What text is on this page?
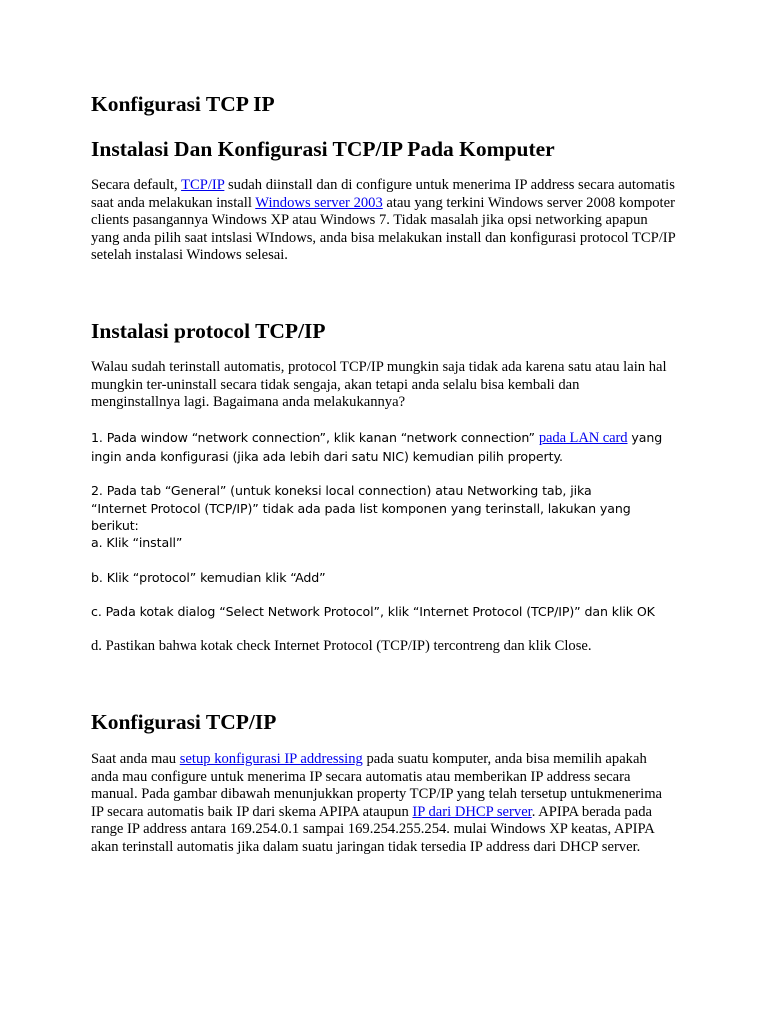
Konfigurasi TCP IP
Instalasi Dan Konfigurasi TCP/IP Pada Komputer

Secara default, TCP/IP sudah diinstall dan di configure untuk menerima IP address secara automatis saat anda melakukan install Windows server 2003 atau yang terkini Windows server 2008 kompoter clients pasangannya Windows XP atau Windows 7. Tidak masalah jika opsi networking apapun yang anda pilih saat intslasi WIndows, anda bisa melakukan install dan konfigurasi protocol TCP/IP setelah instalasi Windows selesai.

Instalasi protocol TCP/IP

Walau sudah terinstall automatis, protocol TCP/IP mungkin saja tidak ada karena satu atau lain hal mungkin ter-uninstall secara tidak sengaja, akan tetapi anda selalu bisa kembali dan menginstallnya lagi. Bagaimana anda melakukannya?

1. Pada window “network connection”, klik kanan “network connection” pada LAN card yang ingin anda konfigurasi (jika ada lebih dari satu NIC) kemudian pilih property.

2. Pada tab “General” (untuk koneksi local connection) atau Networking tab, jika “Internet Protocol (TCP/IP)” tidak ada pada list komponen yang terinstall, lakukan yang berikut:

a. Klik “install”

b. Klik “protocol” kemudian klik “Add”

c. Pada kotak dialog “Select Network Protocol”, klik “Internet Protocol (TCP/IP)” dan klik OK

d. Pastikan bahwa kotak check Internet Protocol (TCP/IP) tercontreng dan klik Close.

Konfigurasi TCP/IP

Saat anda mau setup konfigurasi IP addressing pada suatu komputer, anda bisa memilih apakah anda mau configure untuk menerima IP secara automatis atau memberikan IP address secara manual. Pada gambar dibawah menunjukkan property TCP/IP yang telah tersetup untukmenerima IP secara automatis baik IP dari skema APIPA ataupun IP dari DHCP server. APIPA berada pada range IP address antara 169.254.0.1 sampai 169.254.255.254. mulai Windows XP keatas, APIPA akan terinstall automatis jika dalam suatu jaringan tidak tersedia IP address dari DHCP server.
